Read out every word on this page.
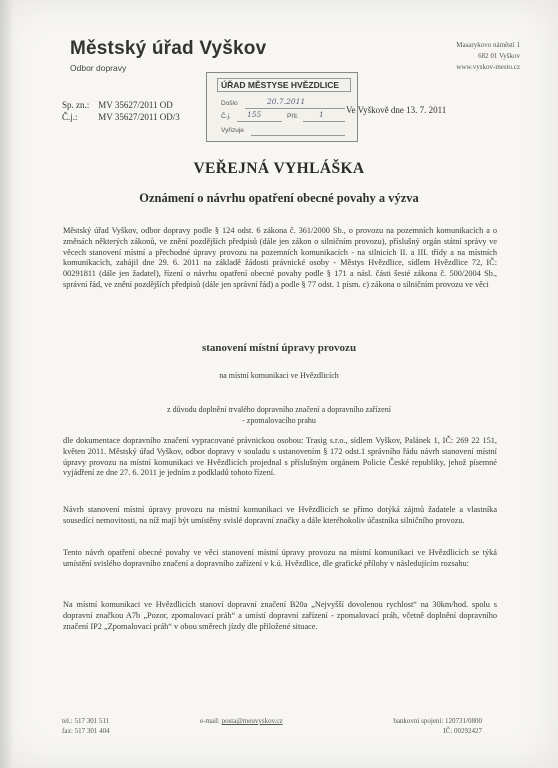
Městský úřad Vyškov
Odbor dopravy
Masarykovo náměstí 1
682 01 Vyškov
www.vyskov-mesto.cz
Sp. zn.: MV 35627/2011 OD
Č.j.: MV 35627/2011 OD/3
ÚŘAD MĚSTYSE HVĚZDLICE
Došlo	20.7.2011
Č.j. 155	Příl.	1
Vyřizuje
Ve Vyškově dne 13. 7. 2011
VEŘEJNÁ VYHLÁŠKA
Oznámení o návrhu opatření obecné povahy a výzva
Městský úřad Vyškov, odbor dopravy podle § 124 odst. 6 zákona č. 361/2000 Sb., o provozu na pozemních komunikacích a o změnách některých zákonů, ve znění pozdějších předpisů (dále jen zákon o silničním provozu), příslušný orgán státní správy ve věcech stanovení místní a přechodné úpravy provozu na pozemních komunikacích - na silnicích II. a III. třídy a na místních komunikacích, zahájil dne 29. 6. 2011 na základě žádosti právnické osoby - Městys Hvězdlice, sídlem Hvězdlice 72, IČ: 00291811 (dále jen žadatel), řízení o návrhu opatření obecné povahy podle § 171 a násl. části šesté zákona č. 500/2004 Sb., správní řád, ve znění pozdějších předpisů (dále jen správní řád) a podle § 77 odst. 1 písm. c) zákona o silničním provozu ve věci
stanovení místní úpravy provozu
na místní komunikaci ve Hvězdlicích
z důvodu doplnění trvalého dopravního značení a dopravního zařízení
- zpomalovacího prahu
dle dokumentace dopravního značení vypracované právnickou osobou: Trasig s.r.o., sídlem Vyškov, Palánek 1, IČ: 269 22 151, květen 2011. Městský úřad Vyškov, odbor dopravy v souladu s ustanovením § 172 odst.1 správního řádu návrh stanovení místní úpravy provozu na místní komunikaci ve Hvězdlicích projednal s příslušným orgánem Policie České republiky, jehož písemné vyjádření ze dne 27. 6. 2011 je jedním z podkladů tohoto řízení.
Návrh stanovení místní úpravy provozu na místní komunikaci ve Hvězdlicích se přímo dotýká zájmů žadatele a vlastníka sousedící nemovitosti, na níž mají být umístěny svislé dopravní značky a dále kteréhokoliv účastníka silničního provozu.
Tento návrh opatření obecné povahy ve věci stanovení místní úpravy provozu na místní komunikaci ve Hvězdlicích se týká umístění svislého dopravního značení a dopravního zařízení v k.ú. Hvězdlice, dle grafické přílohy v následujícím rozsahu:
Na místní komunikaci ve Hvězdlicích stanoví dopravní značení B20a „Nejvyšší dovolenou rychlost“ na 30km/hod. spolu s dopravní značkou A7b „Pozor, zpomalovací práh“ a umístí dopravní zařízení - zpomalovací práh, včetně doplnění dopravního značení IP2 „Zpomalovací práh“ v obou směrech jízdy dle přiložené situace.
tel.: 517 301 511
fax: 517 301 404
e-mail: posta@meuvyskov.cz	bankovní spojení: 120731/0800
IČ: 00292427
